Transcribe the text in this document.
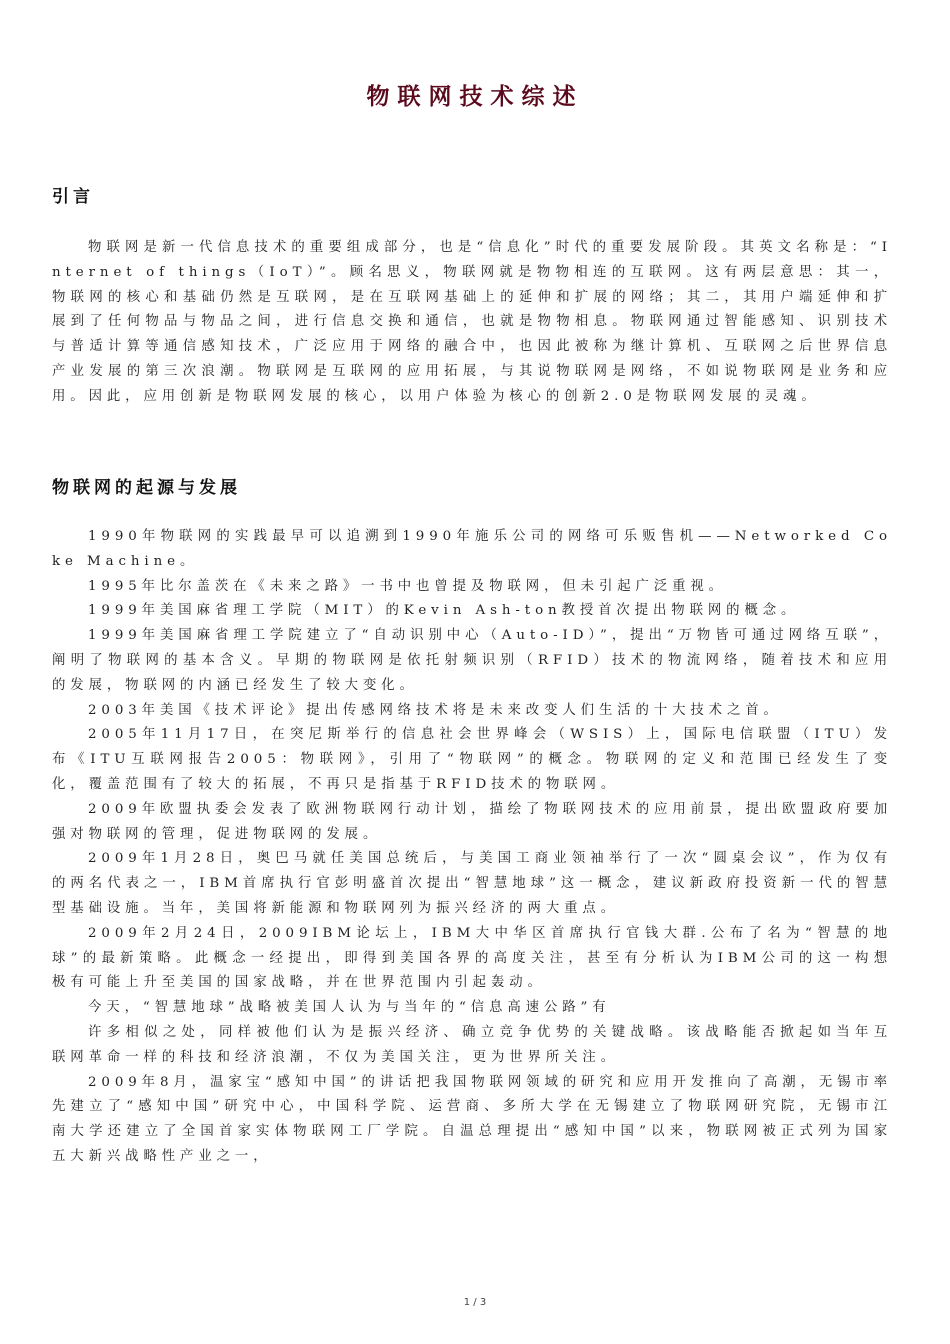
物联网技术综述
引言

物联网是新一代信息技术的重要组成部分，也是“信息化”时代的重要发展阶段。其英文名称是：“Internet of things（IoT）”。顾名思义，物联网就是物物相连的互联网。这有两层意思：其一，物联网的核心和基础仍然是互联网，是在互联网基础上的延伸和扩展的网络；其二，其用户端延伸和扩展到了任何物品与物品之间，进行信息交换和通信，也就是物物相息。物联网通过智能感知、识别技术与普适计算等通信感知技术，广泛应用于网络的融合中，也因此被称为继计算机、互联网之后世界信息产业发展的第三次浪潮。物联网是互联网的应用拓展，与其说物联网是网络，不如说物联网是业务和应用。因此，应用创新是物联网发展的核心，以用户体验为核心的创新2.0是物联网发展的灵魂。

物联网的起源与发展

1990年物联网的实践最早可以追溯到1990年施乐公司的网络可乐贩售机——Networked Coke Machine。

1995年比尔盖茨在《未来之路》一书中也曾提及物联网，但未引起广泛重视。

1999年美国麻省理工学院（MIT）的Kevin Ash-ton教授首次提出物联网的概念。

1999年美国麻省理工学院建立了“自动识别中心（Auto-ID）”，提出“万物皆可通过网络互联”，阐明了物联网的基本含义。早期的物联网是依托射频识别（RFID）技术的物流网络，随着技术和应用的发展，物联网的内涵已经发生了较大变化。

2003年美国《技术评论》提出传感网络技术将是未来改变人们生活的十大技术之首。

2005年11月17日，在突尼斯举行的信息社会世界峰会（WSIS）上，国际电信联盟（ITU）发布《ITU互联网报告2005：物联网》，引用了“物联网”的概念。物联网的定义和范围已经发生了变化，覆盖范围有了较大的拓展，不再只是指基于RFID技术的物联网。

2009年欧盟执委会发表了欧洲物联网行动计划，描绘了物联网技术的应用前景，提出欧盟政府要加强对物联网的管理，促进物联网的发展。

2009年1月28日，奥巴马就任美国总统后，与美国工商业领袖举行了一次“圆桌会议”，作为仅有的两名代表之一，IBM首席执行官彭明盛首次提出“智慧地球”这一概念，建议新政府投资新一代的智慧型基础设施。当年，美国将新能源和物联网列为振兴经济的两大重点。

2009年2月24日，2009IBM论坛上，IBM大中华区首席执行官钱大群.公布了名为“智慧的地球”的最新策略。此概念一经提出，即得到美国各界的高度关注，甚至有分析认为IBM公司的这一构想极有可能上升至美国的国家战略，并在世界范围内引起轰动。

今天，“智慧地球”战略被美国人认为与当年的“信息高速公路”有

许多相似之处，同样被他们认为是振兴经济、确立竞争优势的关键战略。该战略能否掀起如当年互联网革命一样的科技和经济浪潮，不仅为美国关注，更为世界所关注。

2009年8月，温家宝“感知中国”的讲话把我国物联网领域的研究和应用开发推向了高潮，无锡市率先建立了“感知中国”研究中心，中国科学院、运营商、多所大学在无锡建立了物联网研究院，无锡市江南大学还建立了全国首家实体物联网工厂学院。自温总理提出“感知中国”以来，物联网被正式列为国家五大新兴战略性产业之一，

1 / 3
